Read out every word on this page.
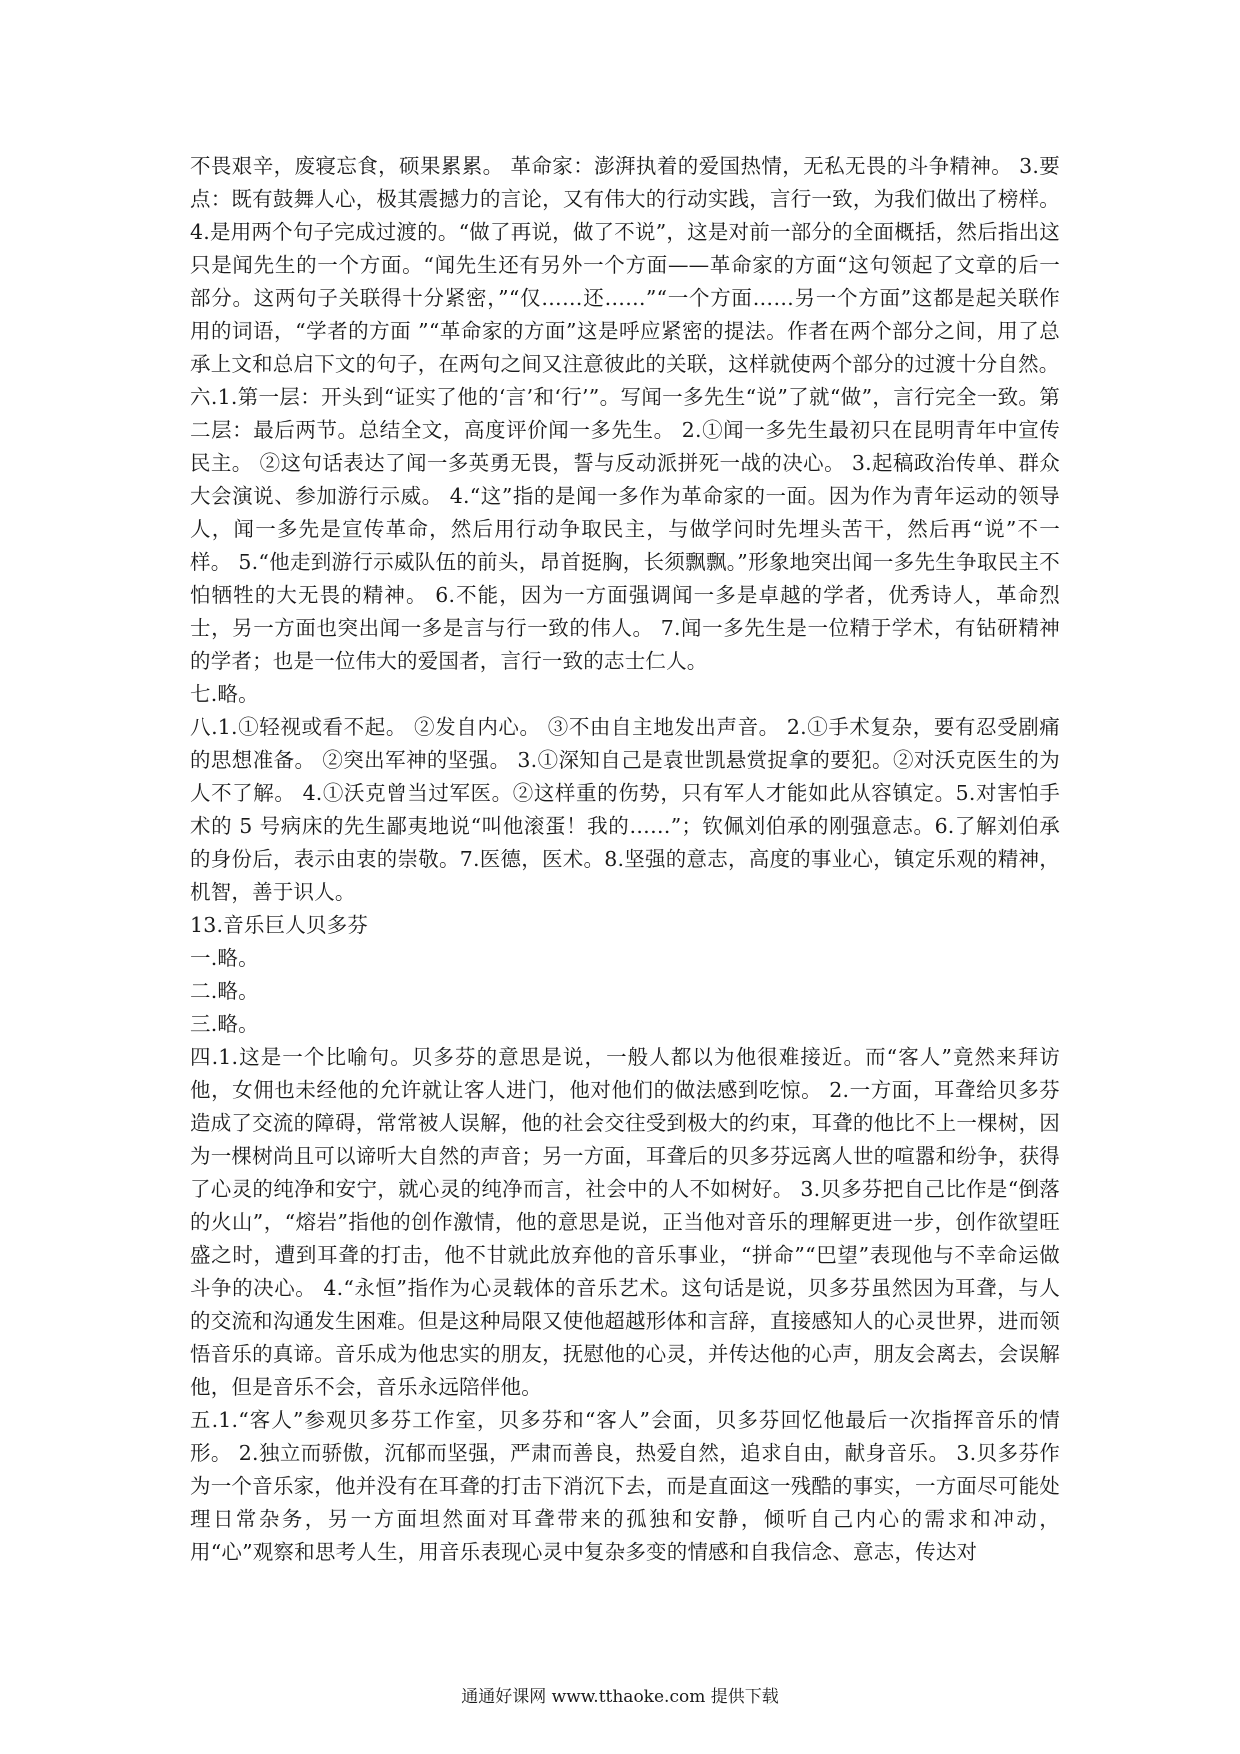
不畏艰辛，废寝忘食，硕果累累。 革命家：澎湃执着的爱国热情，无私无畏的斗争精神。 3.要点：既有鼓舞人心，极其震撼力的言论，又有伟大的行动实践，言行一致，为我们做出了榜样。 4.是用两个句子完成过渡的。“做了再说，做了不说”，这是对前一部分的全面概括，然后指出这只是闻先生的一个方面。“闻先生还有另外一个方面——革命家的方面“这句领起了文章的后一部分。这两句子关联得十分紧密，”“仅……还……”“一个方面……另一个方面”这都是起关联作用的词语，“学者的方面 ”“革命家的方面”这是呼应紧密的提法。作者在两个部分之间，用了总承上文和总启下文的句子，在两句之间又注意彼此的关联，这样就使两个部分的过渡十分自然。

六.1.第一层：开头到“证实了他的‘言’和‘行’”。写闻一多先生“说”了就“做”，言行完全一致。第二层：最后两节。总结全文，高度评价闻一多先生。 2.①闻一多先生最初只在昆明青年中宣传民主。 ②这句话表达了闻一多英勇无畏，誓与反动派拼死一战的决心。 3.起稿政治传单、群众大会演说、参加游行示威。 4.“这”指的是闻一多作为革命家的一面。因为作为青年运动的领导人，闻一多先是宣传革命，然后用行动争取民主，与做学问时先埋头苦干，然后再“说”不一样。 5.“他走到游行示威队伍的前头，昂首挺胸，长须飘飘。”形象地突出闻一多先生争取民主不怕牺牲的大无畏的精神。 6.不能，因为一方面强调闻一多是卓越的学者，优秀诗人，革命烈士，另一方面也突出闻一多是言与行一致的伟人。 7.闻一多先生是一位精于学术，有钻研精神的学者；也是一位伟大的爱国者，言行一致的志士仁人。

七.略。

八.1.①轻视或看不起。 ②发自内心。 ③不由自主地发出声音。 2.①手术复杂，要有忍受剧痛的思想准备。 ②突出军神的坚强。 3.①深知自己是袁世凯悬赏捉拿的要犯。②对沃克医生的为人不了解。 4.①沃克曾当过军医。②这样重的伤势，只有军人才能如此从容镇定。5.对害怕手术的 5 号病床的先生鄙夷地说“叫他滚蛋！我的……”；钦佩刘伯承的刚强意志。6.了解刘伯承的身份后，表示由衷的崇敬。7.医德，医术。8.坚强的意志，高度的事业心，镇定乐观的精神，机智，善于识人。

13.音乐巨人贝多芬

一.略。

二.略。

三.略。

四.1.这是一个比喻句。贝多芬的意思是说，一般人都以为他很难接近。而“客人”竟然来拜访他，女佣也未经他的允许就让客人进门，他对他们的做法感到吃惊。 2.一方面，耳聋给贝多芬造成了交流的障碍，常常被人误解，他的社会交往受到极大的约束，耳聋的他比不上一棵树，因为一棵树尚且可以谛听大自然的声音；另一方面，耳聋后的贝多芬远离人世的喧嚣和纷争，获得了心灵的纯净和安宁，就心灵的纯净而言，社会中的人不如树好。 3.贝多芬把自己比作是“倒落的火山”，“熔岩”指他的创作激情，他的意思是说，正当他对音乐的理解更进一步，创作欲望旺盛之时，遭到耳聋的打击，他不甘就此放弃他的音乐事业，“拼命”“巴望”表现他与不幸命运做斗争的决心。 4.“永恒”指作为心灵载体的音乐艺术。这句话是说，贝多芬虽然因为耳聋，与人的交流和沟通发生困难。但是这种局限又使他超越形体和言辞，直接感知人的心灵世界，进而领悟音乐的真谛。音乐成为他忠实的朋友，抚慰他的心灵，并传达他的心声，朋友会离去，会误解他，但是音乐不会，音乐永远陪伴他。

五.1.“客人”参观贝多芬工作室，贝多芬和“客人”会面，贝多芬回忆他最后一次指挥音乐的情形。 2.独立而骄傲，沉郁而坚强，严肃而善良，热爱自然，追求自由，献身音乐。 3.贝多芬作为一个音乐家，他并没有在耳聋的打击下消沉下去，而是直面这一残酷的事实，一方面尽可能处理日常杂务，另一方面坦然面对耳聋带来的孤独和安静，倾听自己内心的需求和冲动，用“心”观察和思考人生，用音乐表现心灵中复杂多变的情感和自我信念、意志，传达对

通通好课网 www.tthaoke.com 提供下载
